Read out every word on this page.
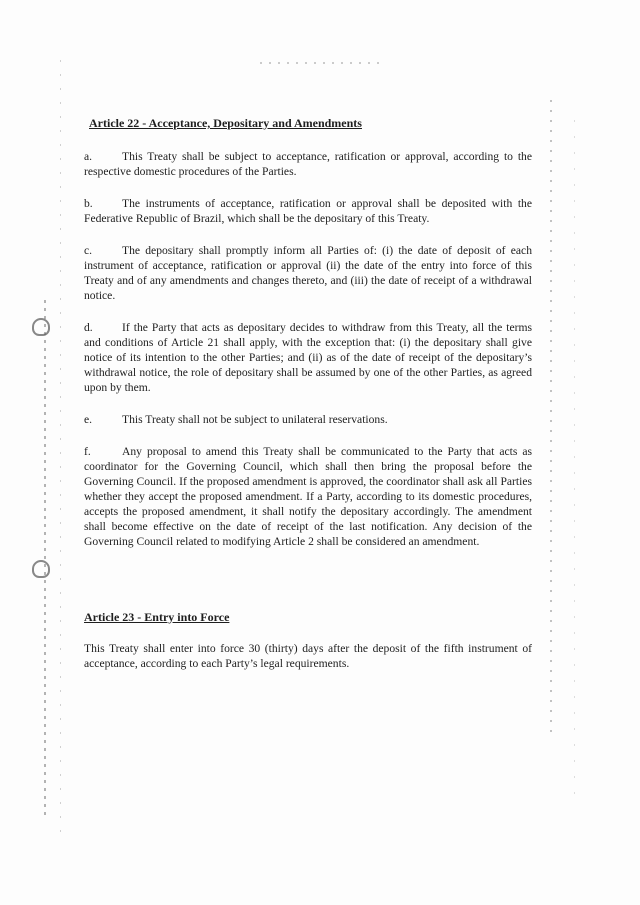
Article 22 - Acceptance, Depositary and Amendments

a.	This Treaty shall be subject to acceptance, ratification or approval, according to the respective domestic procedures of the Parties.

b.	The instruments of acceptance, ratification or approval shall be deposited with the Federative Republic of Brazil, which shall be the depositary of this Treaty.

c.	The depositary shall promptly inform all Parties of: (i) the date of deposit of each instrument of acceptance, ratification or approval (ii) the date of the entry into force of this Treaty and of any amendments and changes thereto, and (iii) the date of receipt of a withdrawal notice.

d.	If the Party that acts as depositary decides to withdraw from this Treaty, all the terms and conditions of Article 21 shall apply, with the exception that: (i) the depositary shall give notice of its intention to the other Parties; and (ii) as of the date of receipt of the depositary’s withdrawal notice, the role of depositary shall be assumed by one of the other Parties, as agreed upon by them.

e.	This Treaty shall not be subject to unilateral reservations.

f.	Any proposal to amend this Treaty shall be communicated to the Party that acts as coordinator for the Governing Council, which shall then bring the proposal before the Governing Council. If the proposed amendment is approved, the coordinator shall ask all Parties whether they accept the proposed amendment. If a Party, according to its domestic procedures, accepts the proposed amendment, it shall notify the depositary accordingly. The amendment shall become effective on the date of receipt of the last notification. Any decision of the Governing Council related to modifying Article 2 shall be considered an amendment.

Article 23 - Entry into Force

This Treaty shall enter into force 30 (thirty) days after the deposit of the fifth instrument of acceptance, according to each Party’s legal requirements.
